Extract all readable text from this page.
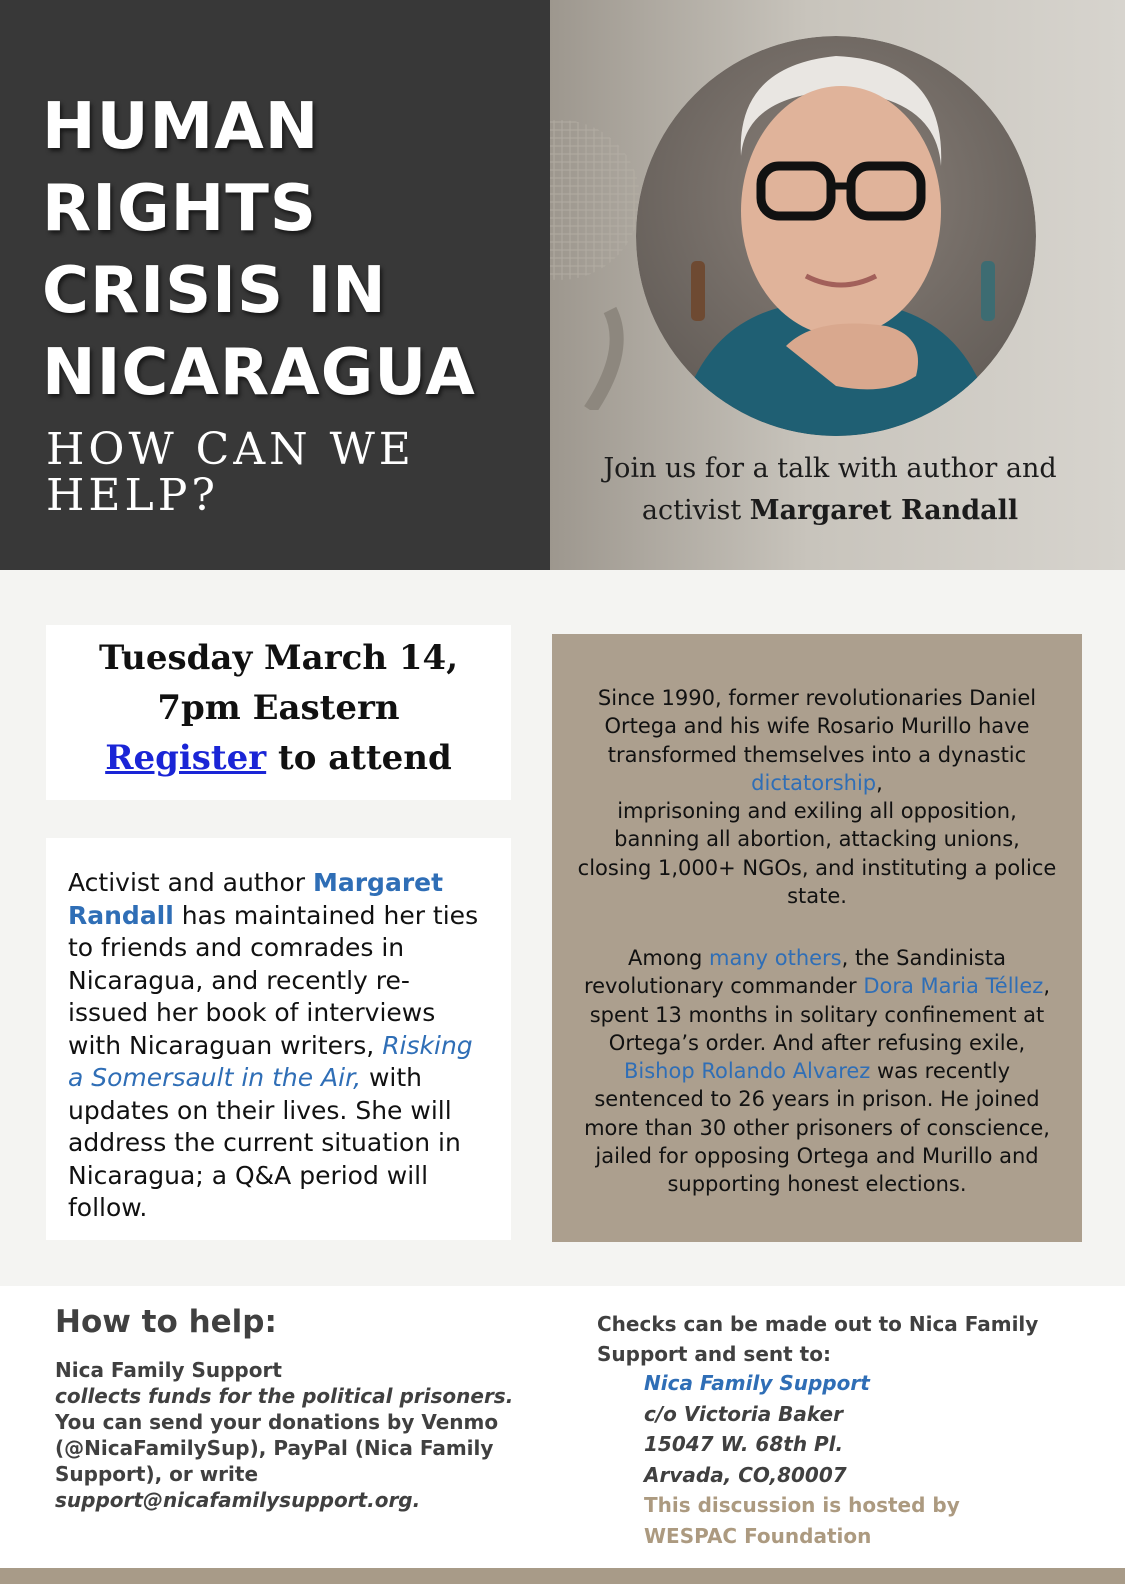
HUMAN
RIGHTS
CRISIS IN
NICARAGUA
HOW CAN WE HELP?
Join us for a talk with author and activist Margaret Randall
Tuesday March 14,
7pm Eastern
Register to attend

Activist and author Margaret Randall has maintained her ties to friends and comrades in Nicaragua, and recently re-issued her book of interviews with Nicaraguan writers, Risking a Somersault in the Air, with updates on their lives. She will address the current situation in Nicaragua; a Q&A period will follow.

Since 1990, former revolutionaries Daniel Ortega and his wife Rosario Murillo have transformed themselves into a dynastic
dictatorship,
imprisoning and exiling all opposition, banning all abortion, attacking unions, closing 1,000+ NGOs, and instituting a police state.

Among many others, the Sandinista revolutionary commander Dora Maria Téllez, spent 13 months in solitary confinement at Ortega’s order. And after refusing exile, Bishop Rolando Alvarez was recently sentenced to 26 years in prison. He joined more than 30 other prisoners of conscience, jailed for opposing Ortega and Murillo and supporting honest elections.

How to help:

Nica Family Support
collects funds for the political prisoners.
You can send your donations by Venmo (@NicaFamilySup), PayPal (Nica Family Support), or write
support@nicafamilysupport.org.

Checks can be made out to Nica Family Support and sent to:

Nica Family Support
c/o Victoria Baker
15047 W. 68th Pl.
Arvada, CO,80007

This discussion is hosted by
WESPAC Foundation
